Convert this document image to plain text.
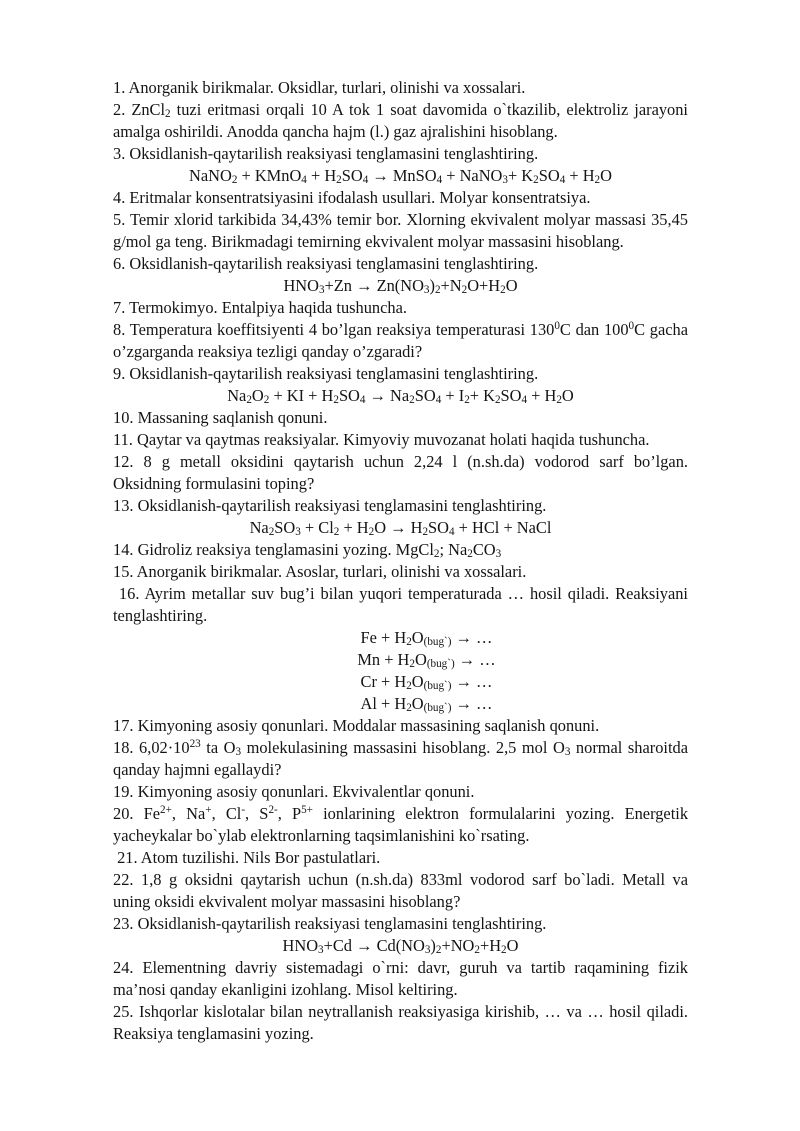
1. Anorganik birikmalar. Oksidlar, turlari, olinishi va xossalari.

2. ZnCl$_2$ tuzi eritmasi orqali 10 A tok 1 soat davomida o`tkazilib, elektroliz jarayoni amalga oshirildi. Anodda qancha hajm (l.) gaz ajralishini hisoblang.

3. Oksidlanish-qaytarilish reaksiyasi tenglamasini tenglashtiring.

NaNO$_2$ + KMnO$_4$ + $H_2SO_4$ → MnSO$_4$ + NaNO$_3$+ $K_2SO_4 + H_2O$

4. Eritmalar konsentratsiyasini ifodalash usullari. Molyar konsentratsiya.

5. Temir xlorid tarkibida 34,43% temir bor. Xlorning ekvivalent molyar massasi 35,45 g/mol ga teng. Birikmadagi temirning ekvivalent molyar massasini hisoblang.

6. Oksidlanish-qaytarilish reaksiyasi tenglamasini tenglashtiring.

$HNO_3+Zn \to Zn(NO_3)_2+N_2O+H_2O$

7. Termokimyo. Entalpiya haqida tushuncha.

8. Temperatura koeffitsiyenti 4 bo’lgan reaksiya temperaturasi $130^0C$ dan $100^0C$ gacha o’zgarganda reaksiya tezligi qanday o’zgaradi?

9. Oksidlanish-qaytarilish reaksiyasi tenglamasini tenglashtiring.

$Na_2O_2$ + KI + $H_2SO_4 \to Na_2SO_4 + I_2+ K_2SO_4 + H_2O$

10. Massaning saqlanish qonuni.

11. Qaytar va qaytmas reaksiyalar. Kimyoviy muvozanat holati haqida tushuncha.

12. 8 g metall oksidini qaytarish uchun 2,24 l (n.sh.da) vodorod sarf bo’lgan. Oksidning formulasini toping?

13. Oksidlanish-qaytarilish reaksiyasi tenglamasini tenglashtiring.

$Na_2SO_3 + Cl_2 + H_2O \to H_2SO_4$ + HCl + NaCl

14. Gidroliz reaksiya tenglamasini yozing. MgCl$_2$; $Na_2CO_3$

15. Anorganik birikmalar. Asoslar, turlari, olinishi va xossalari.

16. Ayrim metallar suv bug’i bilan yuqori temperaturada … hosil qiladi. Reaksiyani tenglashtiring.

$Fe + H_2O_{(bug`)}$ → …

$Mn + H_2O_{(bug`)}$ → …

$Cr + H_2O_{(bug`)}$ → …

$Al + H_2O_{(bug`)}$ → …

17. Kimyoning asosiy qonunlari. Moddalar massasining saqlanish qonuni.

18. $6,02\cdot 10^{23}$ ta $O_3$ molekulasining massasini hisoblang. 2,5 mol $O_3$ normal sharoitda qanday hajmni egallaydi?

19. Kimyoning asosiy qonunlari. Ekvivalentlar qonuni.

20. $Fe^{2+}$, Na+, Cl-, $S^{2-}$, $P^{5+}$ ionlarining elektron formulalarini yozing. Energetik yacheykalar bo`ylab elektronlarning taqsimlanishini ko`rsating.

21. Atom tuzilishi. Nils Bor pastulatlari.

22. 1,8 g oksidni qaytarish uchun (n.sh.da) 833ml vodorod sarf bo`ladi. Metall va uning oksidi ekvivalent molyar massasini hisoblang?

23. Oksidlanish-qaytarilish reaksiyasi tenglamasini tenglashtiring.

$HNO_3+Cd \to Cd(NO_3)_2+NO_2+H_2O$

24. Elementning davriy sistemadagi o`rni: davr, guruh va tartib raqamining fizik ma’nosi qanday ekanligini izohlang. Misol keltiring.

25. Ishqorlar kislotalar bilan neytrallanish reaksiyasiga kirishib, … va … hosil qiladi. Reaksiya tenglamasini yozing.
